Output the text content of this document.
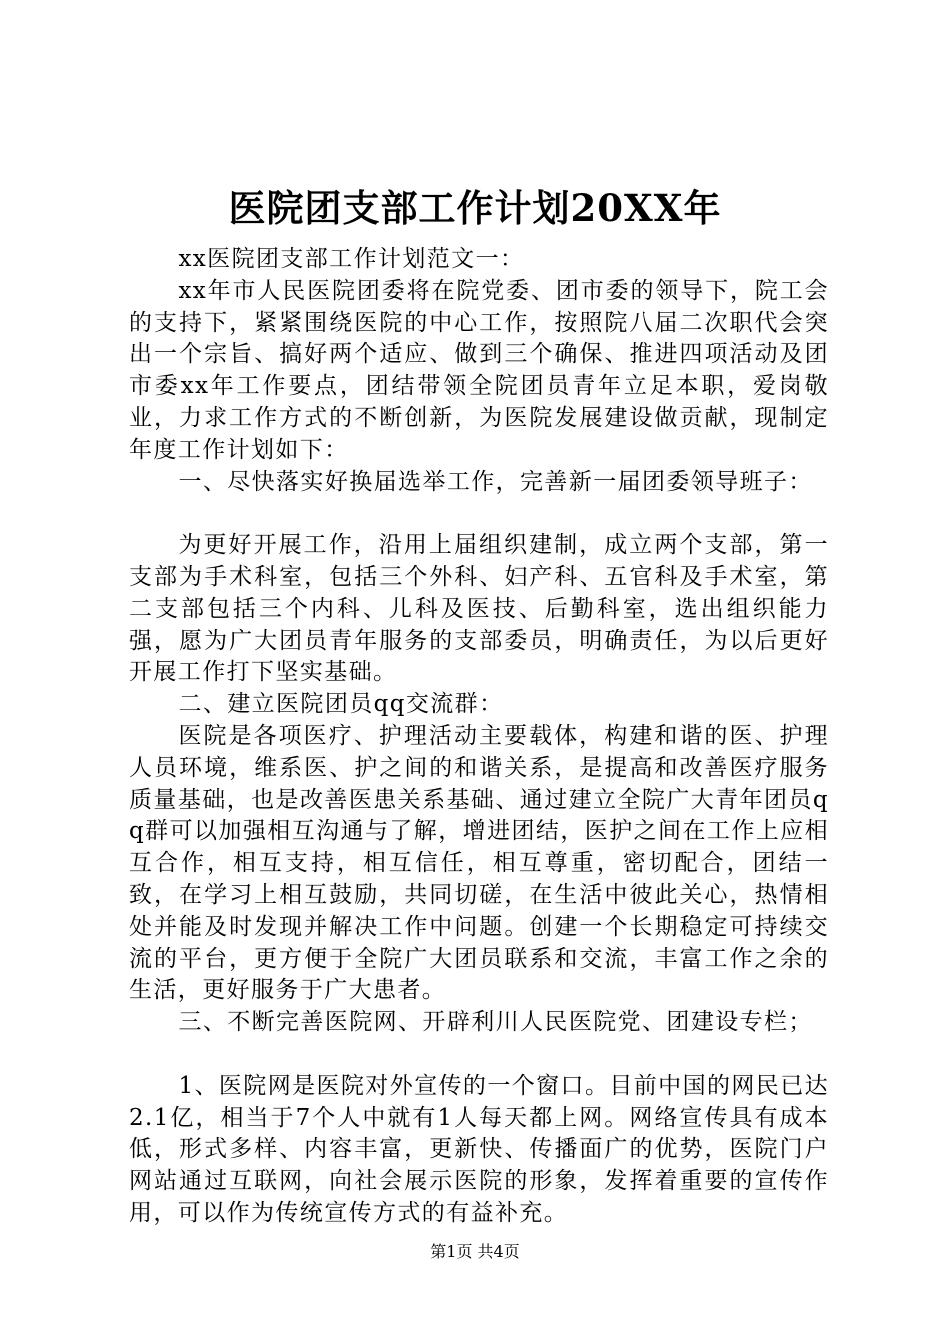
医院团支部工作计划20XX年

xx医院团支部工作计划范文一：

xx年市人民医院团委将在院党委、团市委的领导下，院工会的支持下，紧紧围绕医院的中心工作，按照院八届二次职代会突出一个宗旨、搞好两个适应、做到三个确保、推进四项活动及团市委xx年工作要点，团结带领全院团员青年立足本职，爱岗敬业，力求工作方式的不断创新，为医院发展建设做贡献，现制定年度工作计划如下：

一、尽快落实好换届选举工作，完善新一届团委领导班子：

为更好开展工作，沿用上届组织建制，成立两个支部，第一支部为手术科室，包括三个外科、妇产科、五官科及手术室，第二支部包括三个内科、儿科及医技、后勤科室，选出组织能力强，愿为广大团员青年服务的支部委员，明确责任，为以后更好开展工作打下坚实基础。

二、建立医院团员qq交流群：

医院是各项医疗、护理活动主要载体，构建和谐的医、护理人员环境，维系医、护之间的和谐关系，是提高和改善医疗服务质量基础，也是改善医患关系基础、通过建立全院广大青年团员qq群可以加强相互沟通与了解，增进团结，医护之间在工作上应相互合作，相互支持，相互信任，相互尊重，密切配合，团结一致，在学习上相互鼓励，共同切磋，在生活中彼此关心，热情相处并能及时发现并解决工作中问题。创建一个长期稳定可持续交流的平台，更方便于全院广大团员联系和交流，丰富工作之余的生活，更好服务于广大患者。

三、不断完善医院网、开辟利川人民医院党、团建设专栏；

1、医院网是医院对外宣传的一个窗口。目前中国的网民已达2.1亿，相当于7个人中就有1人每天都上网。网络宣传具有成本低，形式多样、内容丰富，更新快、传播面广的优势，医院门户网站通过互联网，向社会展示医院的形象，发挥着重要的宣传作用，可以作为传统宣传方式的有益补充。

第1页 共4页
